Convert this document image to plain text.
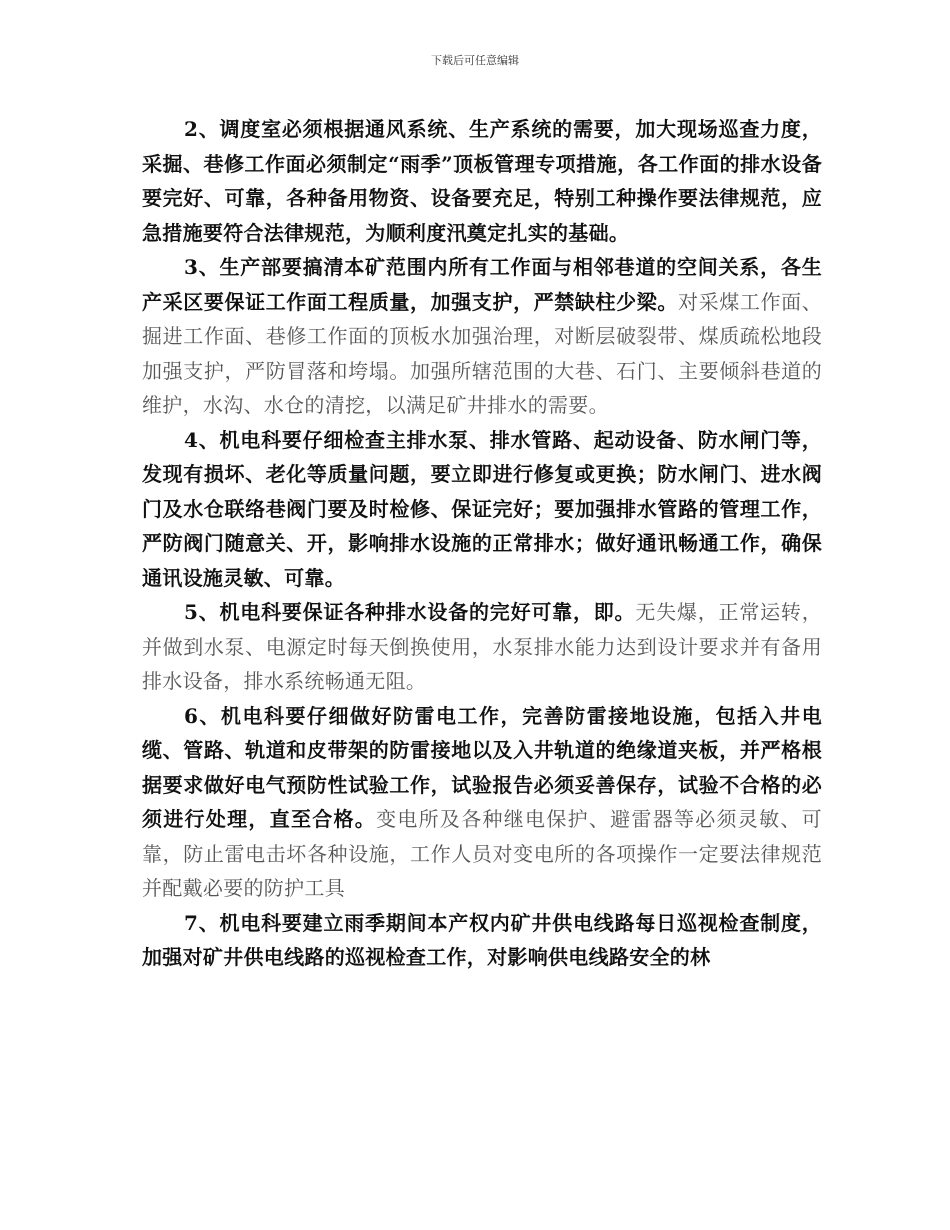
下载后可任意编辑

2、调度室必须根据通风系统、生产系统的需要，加大现场巡查力度，采掘、巷修工作面必须制定“雨季”顶板管理专项措施，各工作面的排水设备要完好、可靠，各种备用物资、设备要充足，特别工种操作要法律规范，应急措施要符合法律规范，为顺利度汛奠定扎实的基础。

3、生产部要搞清本矿范围内所有工作面与相邻巷道的空间关系，各生产采区要保证工作面工程质量，加强支护，严禁缺柱少梁。对采煤工作面、掘进工作面、巷修工作面的顶板水加强治理，对断层破裂带、煤质疏松地段加强支护，严防冒落和垮塌。加强所辖范围的大巷、石门、主要倾斜巷道的维护，水沟、水仓的清挖，以满足矿井排水的需要。

4、机电科要仔细检查主排水泵、排水管路、起动设备、防水闸门等，发现有损坏、老化等质量问题，要立即进行修复或更换；防水闸门、进水阀门及水仓联络巷阀门要及时检修、保证完好；要加强排水管路的管理工作，严防阀门随意关、开，影响排水设施的正常排水；做好通讯畅通工作，确保通讯设施灵敏、可靠。

5、机电科要保证各种排水设备的完好可靠，即。无失爆，正常运转，并做到水泵、电源定时每天倒换使用，水泵排水能力达到设计要求并有备用排水设备，排水系统畅通无阻。

6、机电科要仔细做好防雷电工作，完善防雷接地设施，包括入井电缆、管路、轨道和皮带架的防雷接地以及入井轨道的绝缘道夹板，并严格根据要求做好电气预防性试验工作，试验报告必须妥善保存，试验不合格的必须进行处理，直至合格。变电所及各种继电保护、避雷器等必须灵敏、可靠，防止雷电击坏各种设施，工作人员对变电所的各项操作一定要法律规范并配戴必要的防护工具

7、机电科要建立雨季期间本产权内矿井供电线路每日巡视检查制度，加强对矿井供电线路的巡视检查工作，对影响供电线路安全的林
